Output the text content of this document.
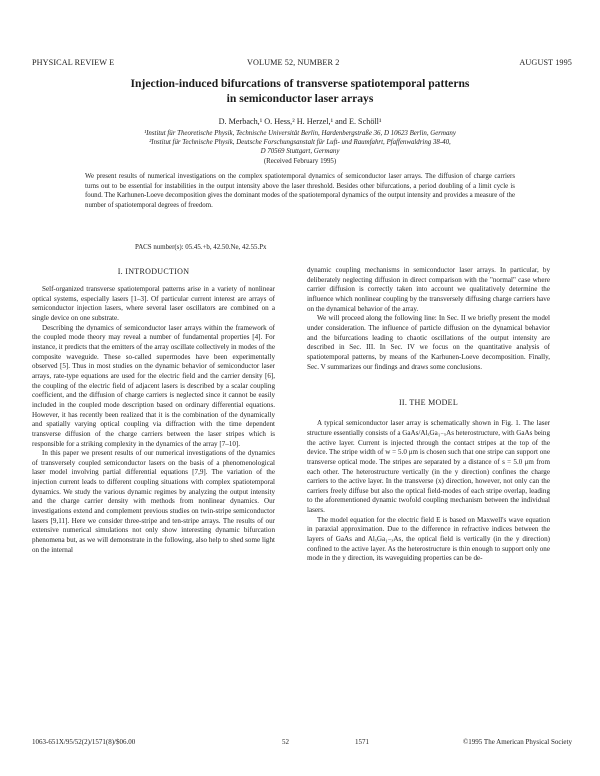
PHYSICAL REVIEW E	VOLUME 52, NUMBER 2	AUGUST 1995
Injection-induced bifurcations of transverse spatiotemporal patterns
in semiconductor laser arrays
D. Merbach,¹ O. Hess,² H. Herzel,¹ and E. Schöll¹
¹Institut für Theoretische Physik, Technische Universität Berlin, Hardenbergstraße 36, D 10623 Berlin, Germany
²Institut für Technische Physik, Deutsche Forschungsanstalt für Luft- und Raumfahrt, Pfaffenwaldring 38-40,
D 70569 Stuttgart, Germany
(Received February 1995)
We present results of numerical investigations on the complex spatiotemporal dynamics of semiconductor laser arrays. The diffusion of charge carriers turns out to be essential for instabilities in the output intensity above the laser threshold. Besides other bifurcations, a period doubling of a limit cycle is found. The Karhunen-Loeve decomposition gives the dominant modes of the spatiotemporal dynamics of the output intensity and provides a measure of the number of spatiotemporal degrees of freedom.
PACS number(s): 05.45.+b, 42.50.Ne, 42.55.Px

I. INTRODUCTION

Self-organized transverse spatiotemporal patterns arise in a variety of nonlinear optical systems, especially lasers [1–3]. Of particular current interest are arrays of semiconductor injection lasers, where several laser oscillators are combined on a single device on one substrate.

Describing the dynamics of semiconductor laser arrays within the framework of the coupled mode theory may reveal a number of fundamental properties [4]. For instance, it predicts that the emitters of the array oscillate collectively in modes of the composite waveguide. These so-called supermodes have been experimentally observed [5]. Thus in most studies on the dynamic behavior of semiconductor laser arrays, rate-type equations are used for the electric field and the carrier density [6], the coupling of the electric field of adjacent lasers is described by a scalar coupling coefficient, and the diffusion of charge carriers is neglected since it cannot be easily included in the coupled mode description based on ordinary differential equations. However, it has recently been realized that it is the combination of the dynamically and spatially varying optical coupling via diffraction with the time dependent transverse diffusion of the charge carriers between the laser stripes which is responsible for a striking complexity in the dynamics of the array [7–10].

In this paper we present results of our numerical investigations of the dynamics of transversely coupled semiconductor lasers on the basis of a phenomenological laser model involving partial differential equations [7,9]. The variation of the injection current leads to different coupling situations with complex spatiotemporal dynamics. We study the various dynamic regimes by analyzing the output intensity and the charge carrier density with methods from nonlinear dynamics. Our investigations extend and complement previous studies on twin-stripe semiconductor lasers [9,11]. Here we consider three-stripe and ten-stripe arrays. The results of our extensive numerical simulations not only show interesting dynamic bifurcation phenomena but, as we will demonstrate in the following, also help to shed some light on the internal

dynamic coupling mechanisms in semiconductor laser arrays. In particular, by deliberately neglecting diffusion in direct comparison with the "normal" case where carrier diffusion is correctly taken into account we qualitatively determine the influence which nonlinear coupling by the transversely diffusing charge carriers have on the dynamical behavior of the array.

We will proceed along the following line: In Sec. II we briefly present the model under consideration. The influence of particle diffusion on the dynamical behavior and the bifurcations leading to chaotic oscillations of the output intensity are described in Sec. III. In Sec. IV we focus on the quantitative analysis of spatiotemporal patterns, by means of the Karhunen-Loeve decomposition. Finally, Sec. V summarizes our findings and draws some conclusions.

II. THE MODEL

A typical semiconductor laser array is schematically shown in Fig. 1. The laser structure essentially consists of a GaAs/AlₓGa₁₋ₓAs heterostructure, with GaAs being the active layer. Current is injected through the contact stripes at the top of the device. The stripe width of w = 5.0 μm is chosen such that one stripe can support one transverse optical mode. The stripes are separated by a distance of s = 5.0 μm from each other. The heterostructure vertically (in the y direction) confines the charge carriers to the active layer. In the transverse (x) direction, however, not only can the carriers freely diffuse but also the optical field-modes of each stripe overlap, leading to the aforementioned dynamic twofold coupling mechanism between the individual lasers.

The model equation for the electric field E is based on Maxwell's wave equation in paraxial approximation. Due to the difference in refractive indices between the layers of GaAs and AlₓGa₁₋ₓAs, the optical field is vertically (in the y direction) confined to the active layer. As the heterostructure is thin enough to support only one mode in the y direction, its waveguiding properties can be de-

1063-651X/95/52(2)/1571(8)/$06.00	52	1571	©1995 The American Physical Society
